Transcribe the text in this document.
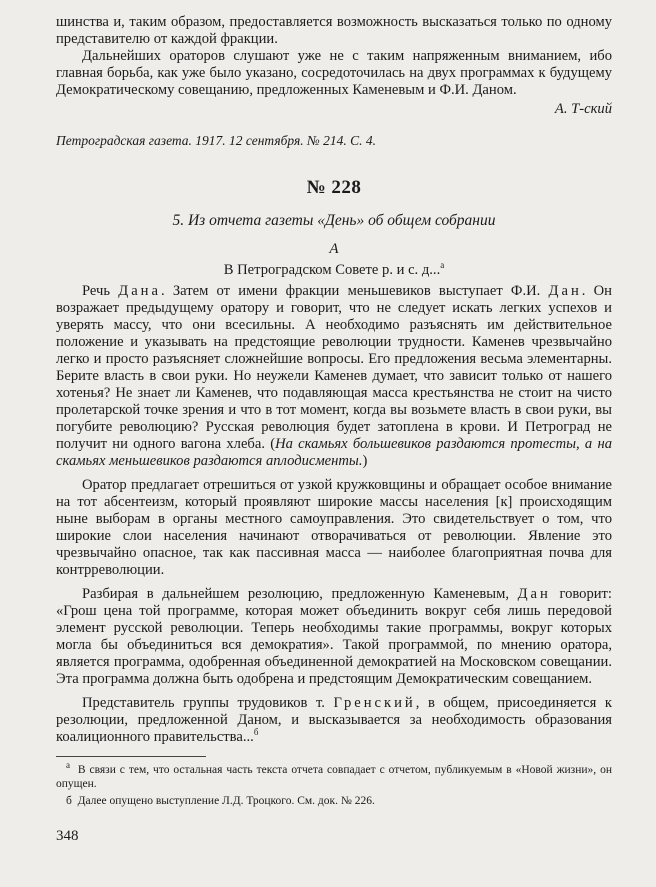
шинства и, таким образом, предоставляется возможность высказаться только по одному представителю от каждой фракции.

Дальнейших ораторов слушают уже не с таким напряженным вниманием, ибо главная борьба, как уже было указано, сосредоточилась на двух программах к будущему Демократическому совещанию, предложенных Каменевым и Ф.И. Даном.

А. Т-ский

Петроградская газета. 1917. 12 сентября. № 214. С. 4.

№ 228

5. Из отчета газеты «День» об общем собрании

А

В Петроградском Совете р. и с. д...$^а$

Речь Дана. Затем от имени фракции меньшевиков выступает Ф.И. Дан. Он возражает предыдущему оратору и говорит, что не следует искать легких успехов и уверять массу, что они всесильны. А необходимо разъяснять им действительное положение и указывать на предстоящие революции трудности. Каменев чрезвычайно легко и просто разъясняет сложнейшие вопросы. Его предложения весьма элементарны. Берите власть в свои руки. Но неужели Каменев думает, что зависит только от нашего хотенья? Не знает ли Каменев, что подавляющая масса крестьянства не стоит на чисто пролетарской точке зрения и что в тот момент, когда вы возьмете власть в свои руки, вы погубите революцию? Русская революция будет затоплена в крови. И Петроград не получит ни одного вагона хлеба. (На скамьях большевиков раздаются протесты, а на скамьях меньшевиков раздаются аплодисменты.)

Оратор предлагает отрешиться от узкой кружковщины и обращает особое внимание на тот абсентеизм, который проявляют широкие массы населения [к] происходящим ныне выборам в органы местного самоуправления. Это свидетельствует о том, что широкие слои населения начинают отворачиваться от революции. Явление это чрезвычайно опасное, так как пассивная масса — наиболее благоприятная почва для контрреволюции.

Разбирая в дальнейшем резолюцию, предложенную Каменевым, Дан говорит: «Грош цена той программе, которая может объединить вокруг себя лишь передовой элемент русской революции. Теперь необходимы такие программы, вокруг которых могла бы объединиться вся демократия». Такой программой, по мнению оратора, является программа, одобренная объединенной демократией на Московском совещании. Эта программа должна быть одобрена и предстоящим Демократическим совещанием.

Представитель группы трудовиков т. Гренский, в общем, присоединяется к резолюции, предложенной Даном, и высказывается за необходимость образования коалиционного правительства...$^б$

$^а$ В связи с тем, что остальная часть текста отчета совпадает с отчетом, публикуемым в «Новой жизни», он опущен.

б Далее опущено выступление Л.Д. Троцкого. См. док. № 226.

348
